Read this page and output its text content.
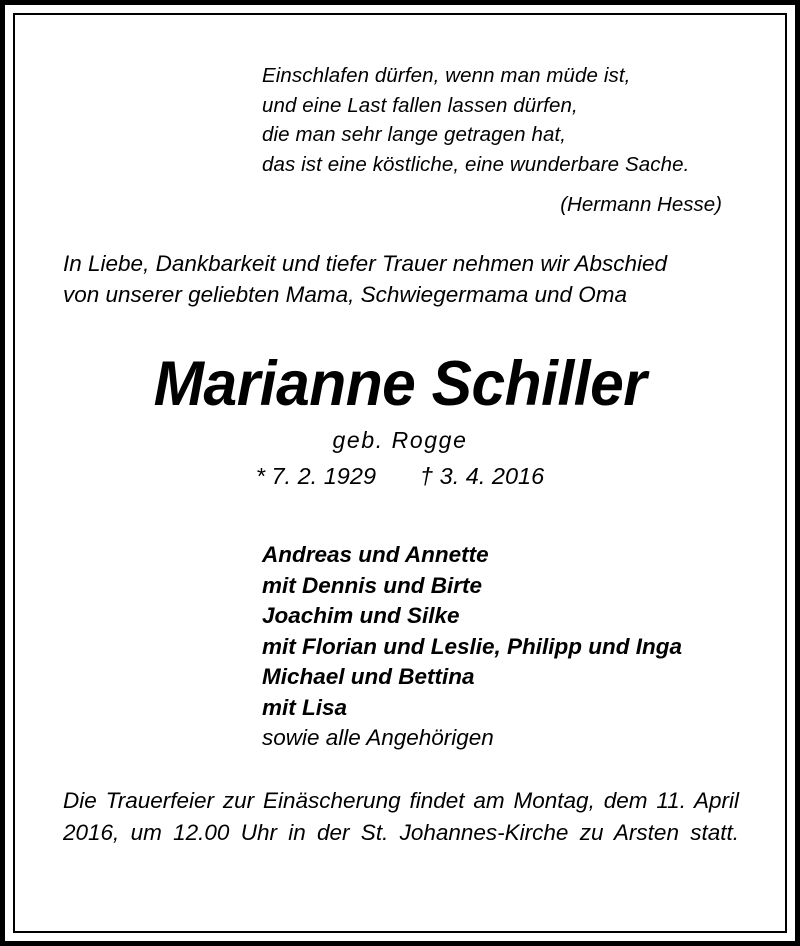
Einschlafen dürfen, wenn man müde ist,
und eine Last fallen lassen dürfen,
die man sehr lange getragen hat,
das ist eine köstliche, eine wunderbare Sache.
(Hermann Hesse)
In Liebe, Dankbarkeit und tiefer Trauer nehmen wir Abschied
von unserer geliebten Mama, Schwiegermama und Oma
Marianne Schiller
geb. Rogge
* 7. 2. 1929 † 3. 4. 2016
Andreas und Annette
mit Dennis und Birte
Joachim und Silke
mit Florian und Leslie, Philipp und Inga
Michael und Bettina
mit Lisa
sowie alle Angehörigen

Die Trauerfeier zur Einäscherung findet am Montag, dem 11. April 2016, um 12.00 Uhr in der St. Johannes-Kirche zu Arsten statt.
